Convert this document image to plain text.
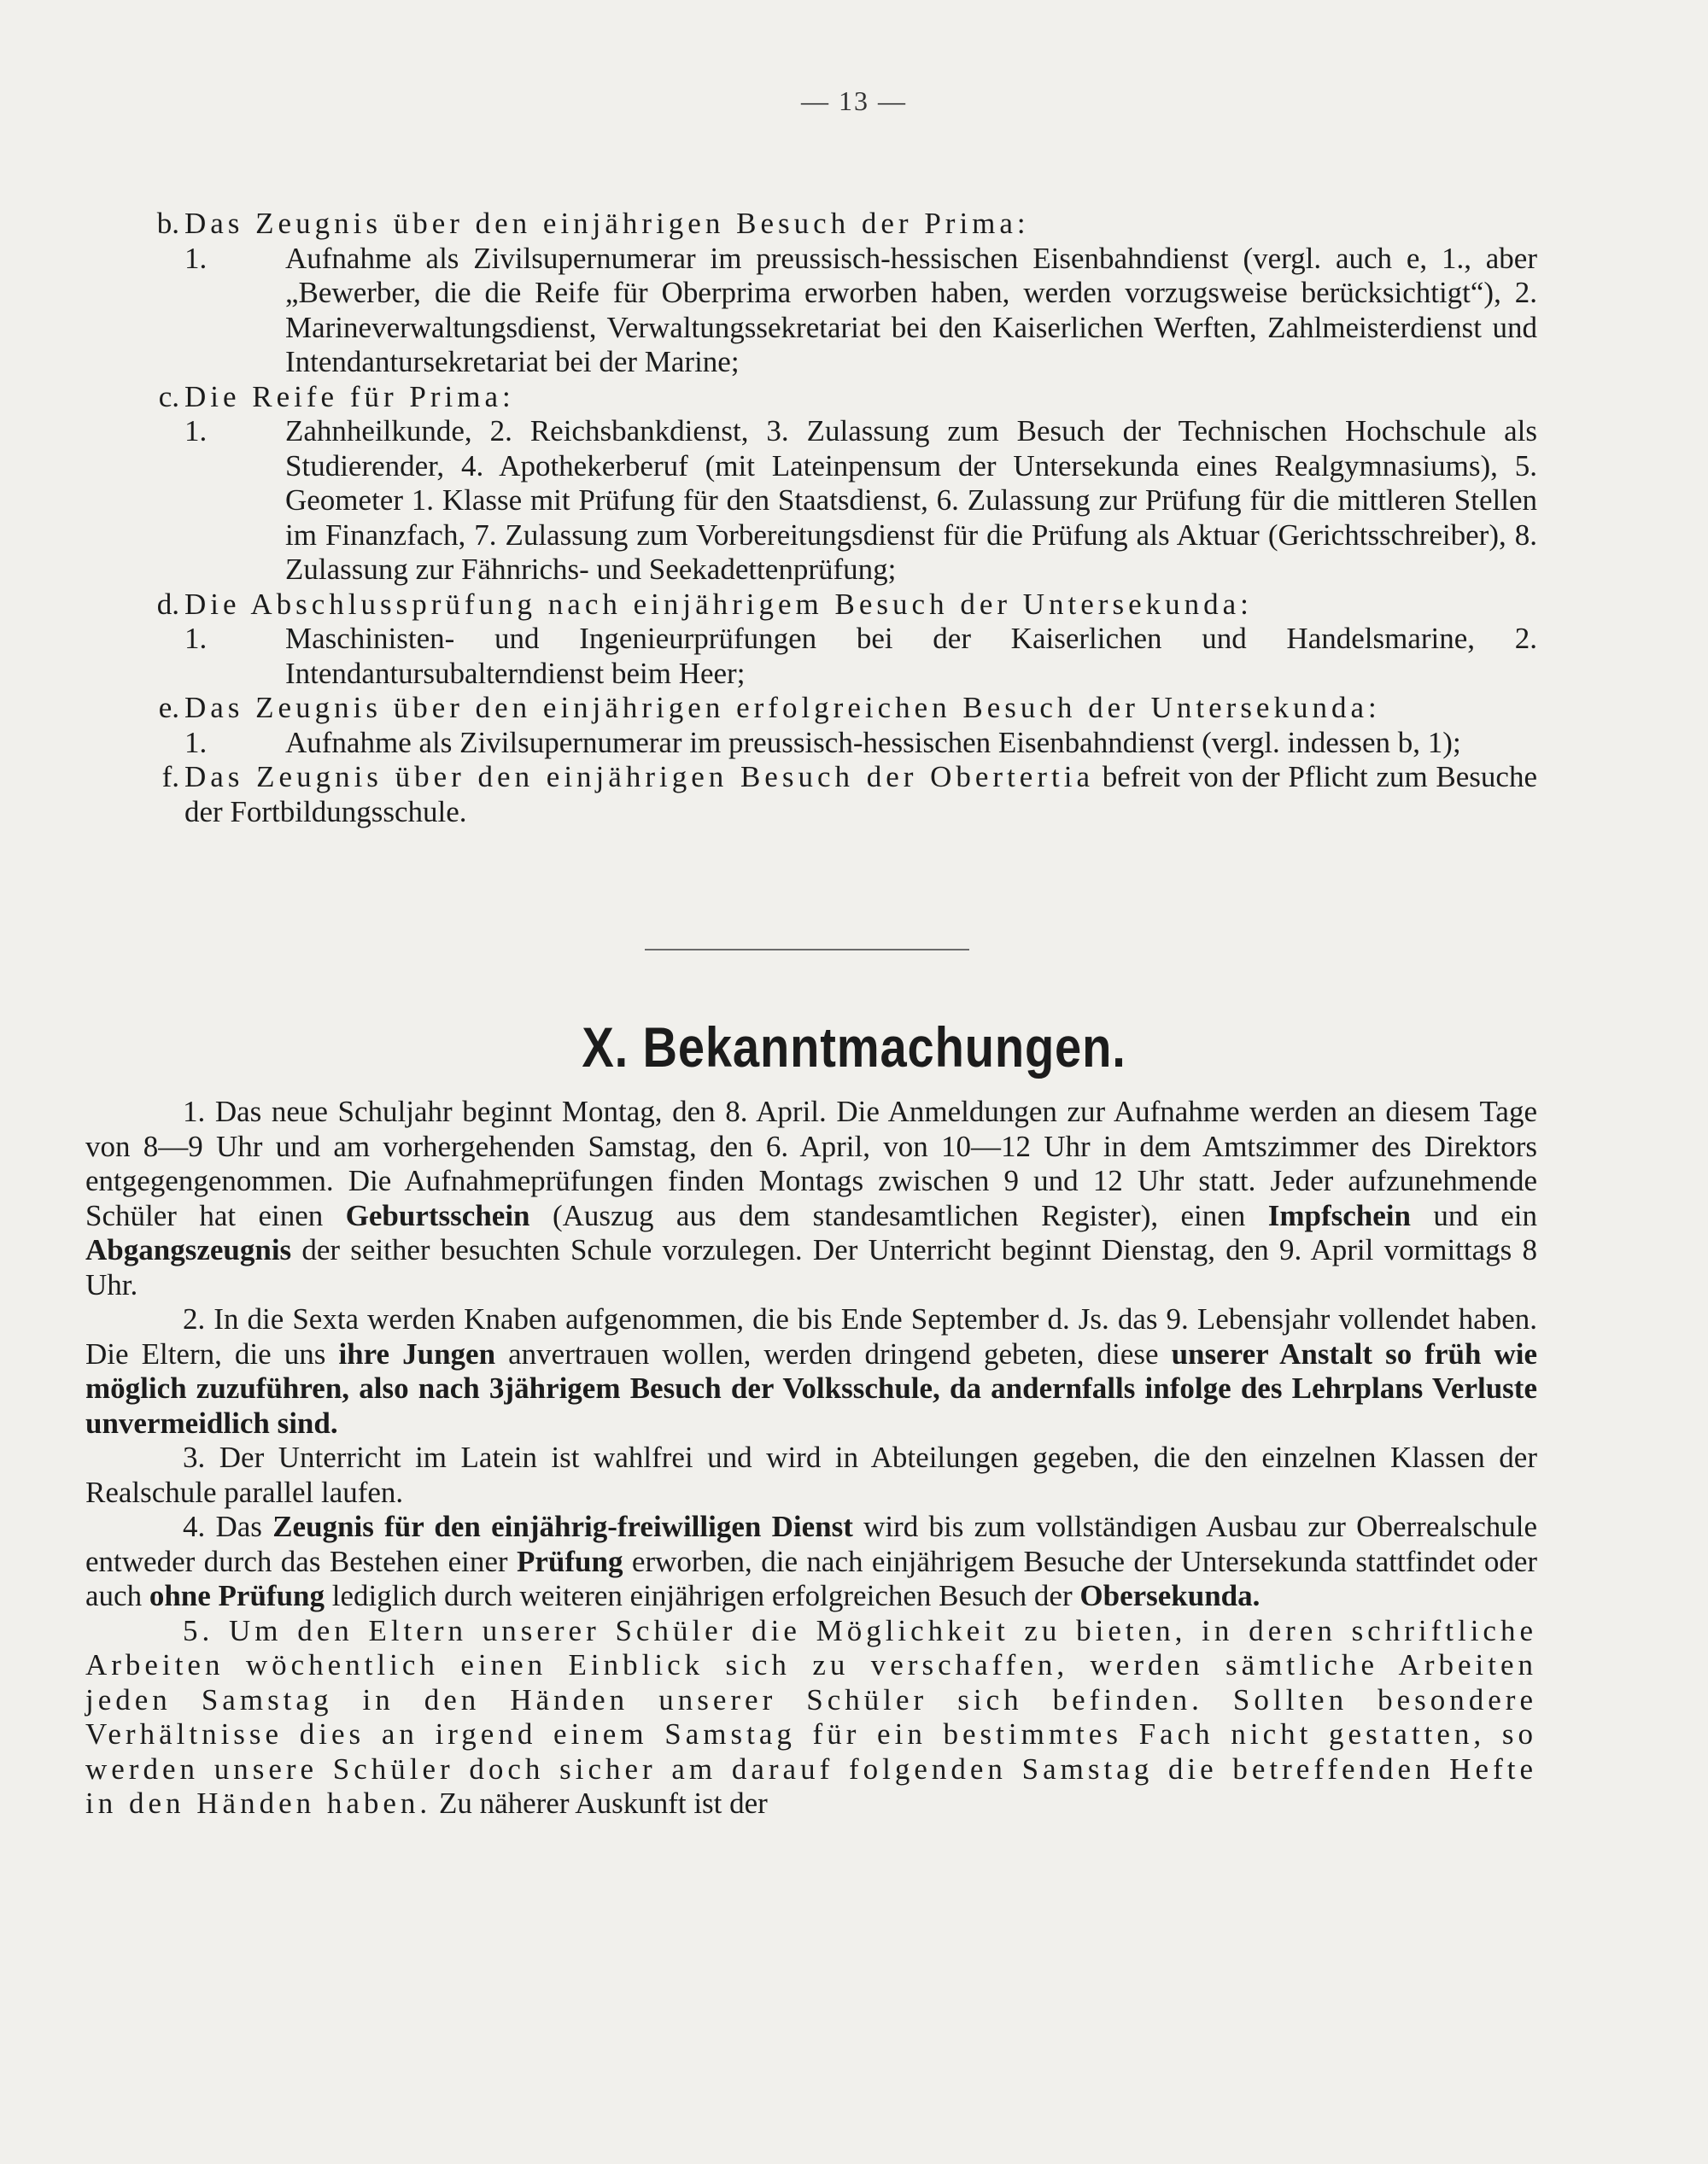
— 13 —
b. Das Zeugnis über den einjährigen Besuch der Prima:
1.	Aufnahme als Zivilsupernumerar im preussisch-hessischen Eisenbahndienst (vergl. auch e, 1., aber „Bewerber, die die Reife für Oberprima erworben haben, werden vorzugsweise berücksichtigt“), 2. Marineverwaltungsdienst, Verwaltungssekretariat bei den Kaiserlichen Werften, Zahlmeisterdienst und Intendantursekretariat bei der Marine;
c. Die Reife für Prima:
1.	Zahnheilkunde, 2. Reichsbankdienst, 3. Zulassung zum Besuch der Technischen Hochschule als Studierender, 4. Apothekerberuf (mit Lateinpensum der Untersekunda eines Realgymnasiums), 5. Geometer 1. Klasse mit Prüfung für den Staatsdienst, 6. Zulassung zur Prüfung für die mittleren Stellen im Finanzfach, 7. Zulassung zum Vorbereitungsdienst für die Prüfung als Aktuar (Gerichtsschreiber), 8. Zulassung zur Fähnrichs- und Seekadettenprüfung;
d. Die Abschlussprüfung nach einjährigem Besuch der Untersekunda:
1.	Maschinisten- und Ingenieurprüfungen bei der Kaiserlichen und Handelsmarine, 2. Intendantursubalterndienst beim Heer;
e. Das Zeugnis über den einjährigen erfolgreichen Besuch der Untersekunda:
1.	Aufnahme als Zivilsupernumerar im preussisch-hessischen Eisenbahndienst (vergl. indessen b, 1);
f. Das Zeugnis über den einjährigen Besuch der Obertertia befreit von der Pflicht zum Besuche der Fortbildungsschule.
X. Bekanntmachungen.

1. Das neue Schuljahr beginnt Montag, den 8. April. Die Anmeldungen zur Aufnahme werden an diesem Tage von 8—9 Uhr und am vorhergehenden Samstag, den 6. April, von 10—12 Uhr in dem Amtszimmer des Direktors entgegengenommen. Die Aufnahmeprüfungen finden Montags zwischen 9 und 12 Uhr statt. Jeder aufzunehmende Schüler hat einen Geburtsschein (Auszug aus dem standesamtlichen Register), einen Impfschein und ein Abgangszeugnis der seither besuchten Schule vorzulegen. Der Unterricht beginnt Dienstag, den 9. April vormittags 8 Uhr.

2. In die Sexta werden Knaben aufgenommen, die bis Ende September d. Js. das 9. Lebensjahr vollendet haben. Die Eltern, die uns ihre Jungen anvertrauen wollen, werden dringend gebeten, diese unserer Anstalt so früh wie möglich zuzuführen, also nach 3jährigem Besuch der Volksschule, da andernfalls infolge des Lehrplans Verluste unvermeidlich sind.

3. Der Unterricht im Latein ist wahlfrei und wird in Abteilungen gegeben, die den einzelnen Klassen der Realschule parallel laufen.

4. Das Zeugnis für den einjährig-freiwilligen Dienst wird bis zum vollständigen Ausbau zur Oberrealschule entweder durch das Bestehen einer Prüfung erworben, die nach einjährigem Besuche der Untersekunda stattfindet oder auch ohne Prüfung lediglich durch weiteren einjährigen erfolgreichen Besuch der Obersekunda.

5. Um den Eltern unserer Schüler die Möglichkeit zu bieten, in deren schriftliche Arbeiten wöchentlich einen Einblick sich zu verschaffen, werden sämtliche Arbeiten jeden Samstag in den Händen unserer Schüler sich befinden. Sollten besondere Verhältnisse dies an irgend einem Samstag für ein bestimmtes Fach nicht gestatten, so werden unsere Schüler doch sicher am darauf folgenden Samstag die betreffenden Hefte in den Händen haben. Zu näherer Auskunft ist der
